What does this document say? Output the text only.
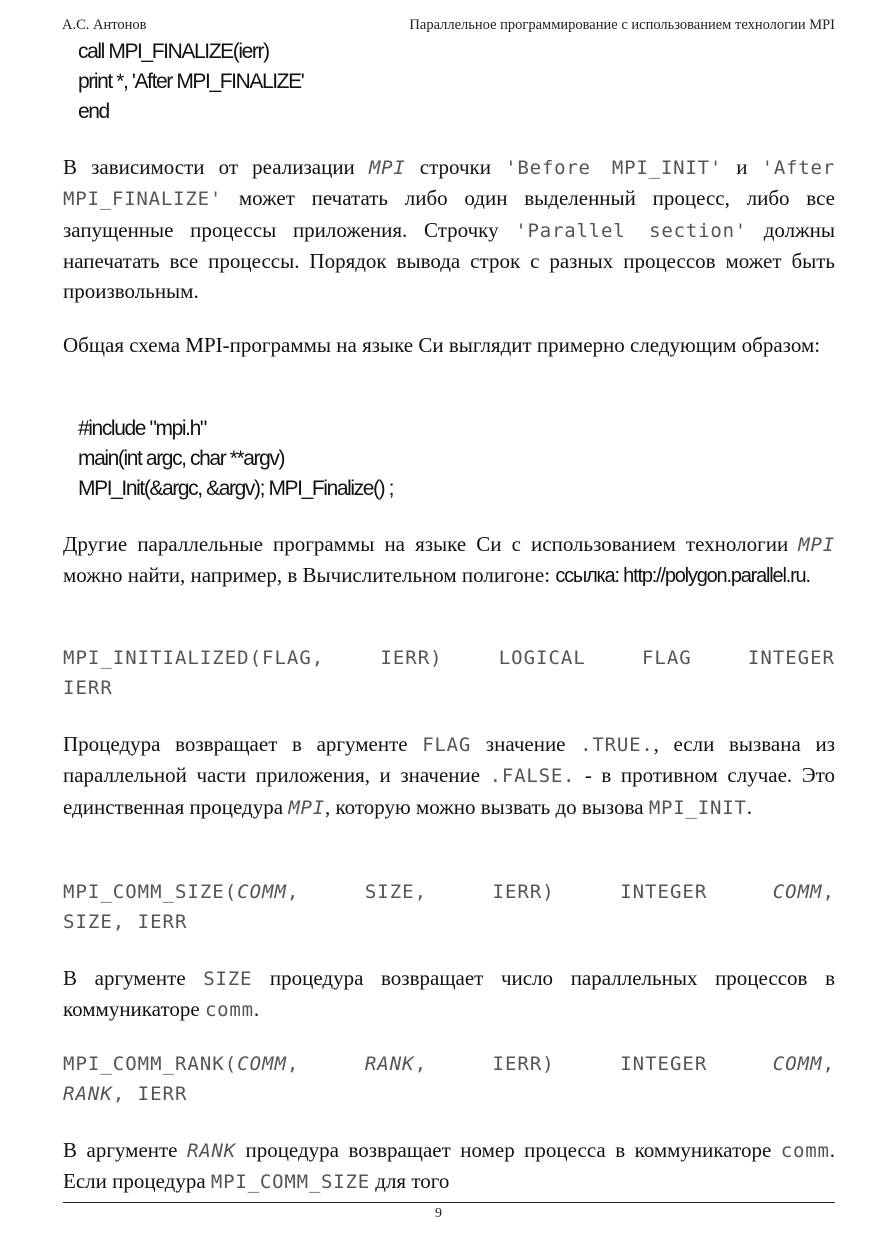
А.С. Антонов	Параллельное программирование с использованием технологии MPI
call MPI_FINALIZE(ierr)
print *, 'After MPI_FINALIZE'
end
В зависимости от реализации MPI строчки 'Before MPI_INIT' и 'After MPI_FINALIZE' может печатать либо один выделенный процесс, либо все запущенные процессы приложения. Строчку 'Parallel section' должны напечатать все процессы. Порядок вывода строк с разных процессов может быть произвольным.
Общая схема MPI-программы на языке Си выглядит примерно следующим образом:
#include "mpi.h"
main(int argc, char **argv)
MPI_Init(&argc, &argv); MPI_Finalize() ;
Другие параллельные программы на языке Си с использованием технологии MPI можно найти, например, в Вычислительном полигоне: ссылка: http://polygon.parallel.ru.
MPI_INITIALIZED(FLAG,	IERR)	LOGICAL	FLAG	INTEGER
IERR
Процедура возвращает в аргументе FLAG значение .TRUE., если вызвана из параллельной части приложения, и значение .FALSE. - в противном случае. Это единственная процедура MPI, которую можно вызвать до вызова MPI_INIT.
MPI_COMM_SIZE(COMM,	SIZE,	IERR)	INTEGER	COMM,
SIZE, IERR
В аргументе SIZE процедура возвращает число параллельных процессов в коммуникаторе comm.
MPI_COMM_RANK(COMM,	RANK,	IERR)	INTEGER	COMM,
RANK, IERR
В аргументе RANK процедура возвращает номер процесса в коммуникаторе comm. Если процедура MPI_COMM_SIZE для того
9
